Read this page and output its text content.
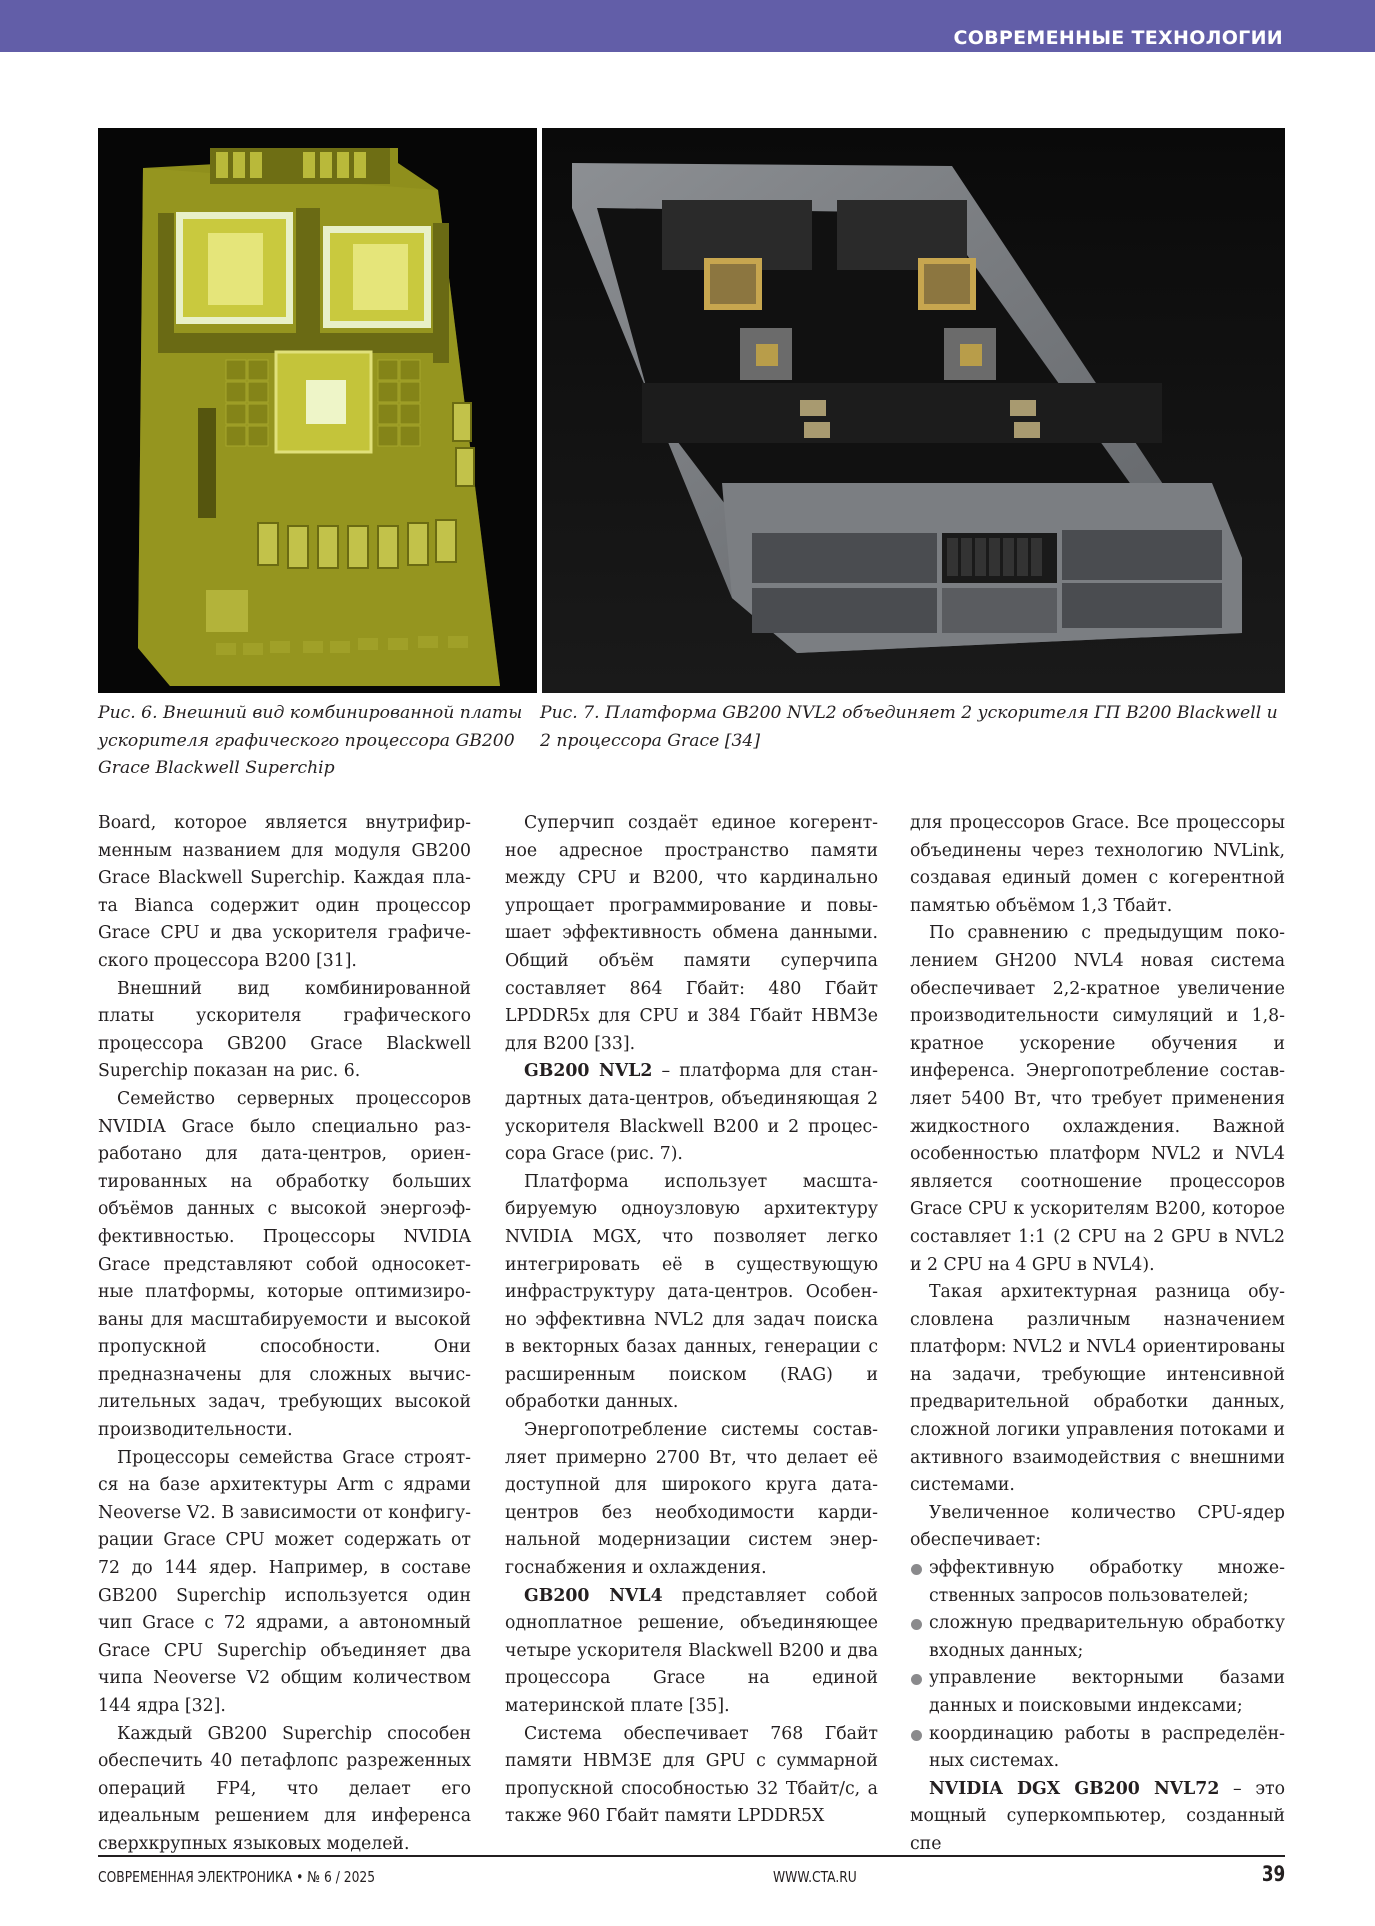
СОВРЕМЕННЫЕ ТЕХНОЛОГИИ
Рис. 6. Внешний вид комбинированной платы ускорителя графического процессора GB200 Grace Blackwell Superchip
Рис. 7. Платформа GB200 NVL2 объединяет 2 ускорителя ГП B200 Blackwell и 2 процессора Grace [34]

Board, которое является внутрифирменным названием для модуля GB200 Grace Blackwell Superchip. Каждая плата Bianca содержит один процессор Grace CPU и два ускорителя графического процессора B200 [31].

Внешний вид комбинированной платы ускорителя графического процессора GB200 Grace Blackwell Superchip показан на рис. 6.

Семейство серверных процессоров NVIDIA Grace было специально разработано для дата-центров, ориентированных на обработку больших объёмов данных с высокой энергоэффективностью. Процессоры NVIDIA Grace представляют собой односокетные платформы, которые оптимизированы для масштабируемости и высокой пропускной способности. Они предназначены для сложных вычислительных задач, требующих высокой производительности.

Процессоры семейства Grace строятся на базе архитектуры Arm с ядрами Neoverse V2. В зависимости от конфигурации Grace CPU может содержать от 72 до 144 ядер. Например, в составе GB200 Superchip используется один чип Grace с 72 ядрами, а автономный Grace CPU Superchip объединяет два чипа Neoverse V2 общим количеством 144 ядра [32].

Каждый GB200 Superchip способен обеспечить 40 петафлопс разреженных операций FP4, что делает его идеальным решением для инференса сверхкрупных языковых моделей.

Суперчип создаёт единое когерентное адресное пространство памяти между CPU и B200, что кардинально упрощает программирование и повышает эффективность обмена данными. Общий объём памяти суперчипа составляет 864 Гбайт: 480 Гбайт LPDDR5x для CPU и 384 Гбайт HBM3e для B200 [33].

GB200 NVL2 – платформа для стандартных дата-центров, объединяющая 2 ускорителя Blackwell B200 и 2 процессора Grace (рис. 7).

Платформа использует масштабируемую одноузловую архитектуру NVIDIA MGX, что позволяет легко интегрировать её в существующую инфраструктуру дата-центров. Особенно эффективна NVL2 для задач поиска в векторных базах данных, генерации с расширенным поиском (RAG) и обработки данных.

Энергопотребление системы составляет примерно 2700 Вт, что делает её доступной для широкого круга дата-центров без необходимости кардинальной модернизации систем энергоснабжения и охлаждения.

GB200 NVL4 представляет собой одноплатное решение, объединяющее четыре ускорителя Blackwell B200 и два процессора Grace на единой материнской плате [35].

Система обеспечивает 768 Гбайт памяти HBM3E для GPU с суммарной пропускной способностью 32 Тбайт/с, а также 960 Гбайт памяти LPDDR5X

для процессоров Grace. Все процессоры объединены через технологию NVLink, создавая единый домен с когерентной памятью объёмом 1,3 Тбайт.

По сравнению с предыдущим поколением GH200 NVL4 новая система обеспечивает 2,2-кратное увеличение производительности симуляций и 1,8-кратное ускорение обучения и инференса. Энергопотребление составляет 5400 Вт, что требует применения жидкостного охлаждения. Важной особенностью платформ NVL2 и NVL4 является соотношение процессоров Grace CPU к ускорителям B200, которое составляет 1:1 (2 CPU на 2 GPU в NVL2 и 2 CPU на 4 GPU в NVL4).

Такая архитектурная разница обусловлена различным назначением платформ: NVL2 и NVL4 ориентированы на задачи, требующие интенсивной предварительной обработки данных, сложной логики управления потоками и активного взаимодействия с внешними системами.

Увеличенное количество CPU-ядер обеспечивает:

эффективную обработку множественных запросов пользователей;
сложную предварительную обработку входных данных;
управление векторными базами данных и поисковыми индексами;
координацию работы в распределённых системах.

NVIDIA DGX GB200 NVL72 – это мощный суперкомпьютер, созданный спе

СОВРЕМЕННАЯ ЭЛЕКТРОНИКА • № 6 / 2025	WWW.CTA.RU	39
